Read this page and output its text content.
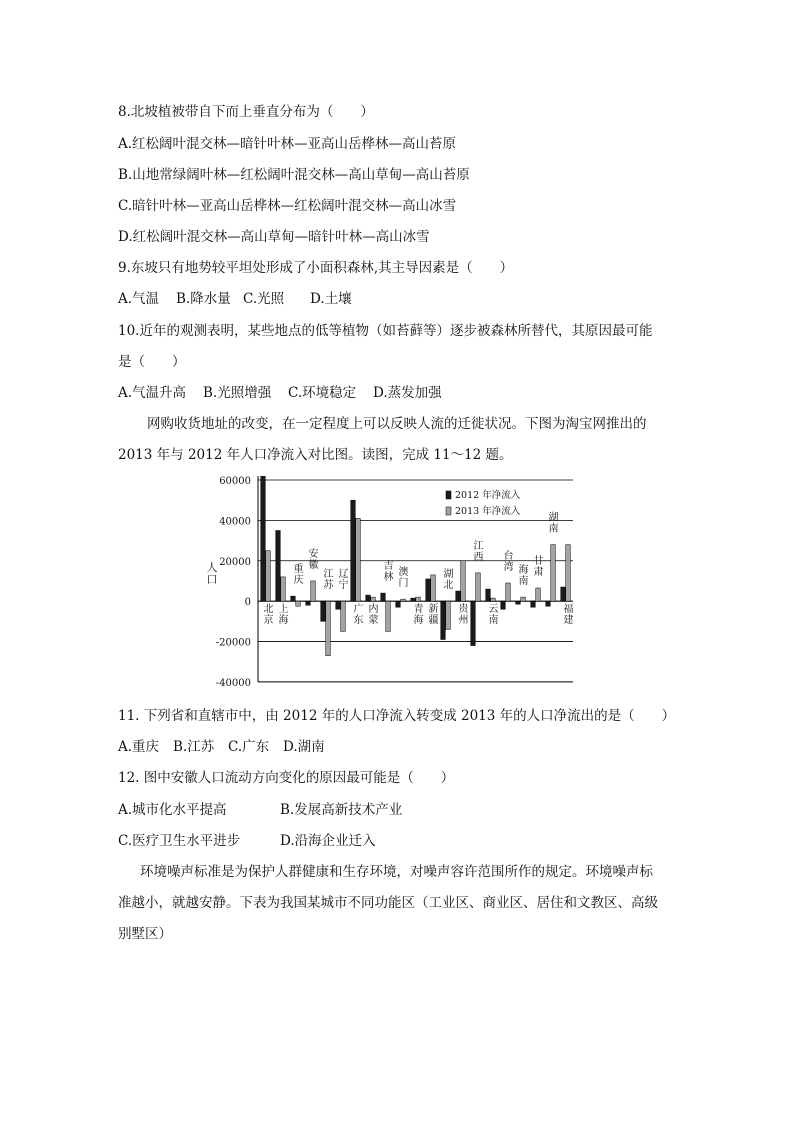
8.北坡植被带自下而上垂直分布为（　　）
A.红松阔叶混交林—暗针叶林—亚高山岳桦林—高山苔原
B.山地常绿阔叶林—红松阔叶混交林—高山草甸—高山苔原
C.暗针叶林—亚高山岳桦林—红松阔叶混交林—高山冰雪
D.红松阔叶混交林—高山草甸—暗针叶林—高山冰雪
9.东坡只有地势较平坦处形成了小面积森林,其主导因素是（　　）
A.气温 B.降水量 C.光照 D.土壤
10.近年的观测表明，某些地点的低等植物（如苔藓等）逐步被森林所替代，其原因最可能
是（　　）
A.气温升高 B.光照增强 C.环境稳定 D.蒸发加强
网购收货地址的改变，在一定程度上可以反映人流的迁徙状况。下图为淘宝网推出的
2013 年与 2012 年人口净流入对比图。读图，完成 11～12 题。
60000
40000
20000
0
-20000
-40000
人
口
北
京
上
海
重
庆
安
徽
江
苏
辽
宁
广
东
内
蒙
吉
林 澳
门
青
海
新
疆
湖
北
贵
州
江
西
云
南
台
湾 海
南
甘
肃
湖
南
福
建
2012 年净流入
2013 年净流入
11. 下列省和直辖市中，由 2012 年的人口净流入转变成 2013 年的人口净流出的是（　　）
A.重庆 B.江苏 C.广东 D.湖南
12. 图中安徽人口流动方向变化的原因最可能是（　　）
A.城市化水平提高	B.发展高新技术产业
C.医疗卫生水平进步	D.沿海企业迁入
环境噪声标准是为保护人群健康和生存环境，对噪声容许范围所作的规定。环境噪声标
准越小，就越安静。下表为我国某城市不同功能区（工业区、商业区、居住和文教区、高级
别墅区）
